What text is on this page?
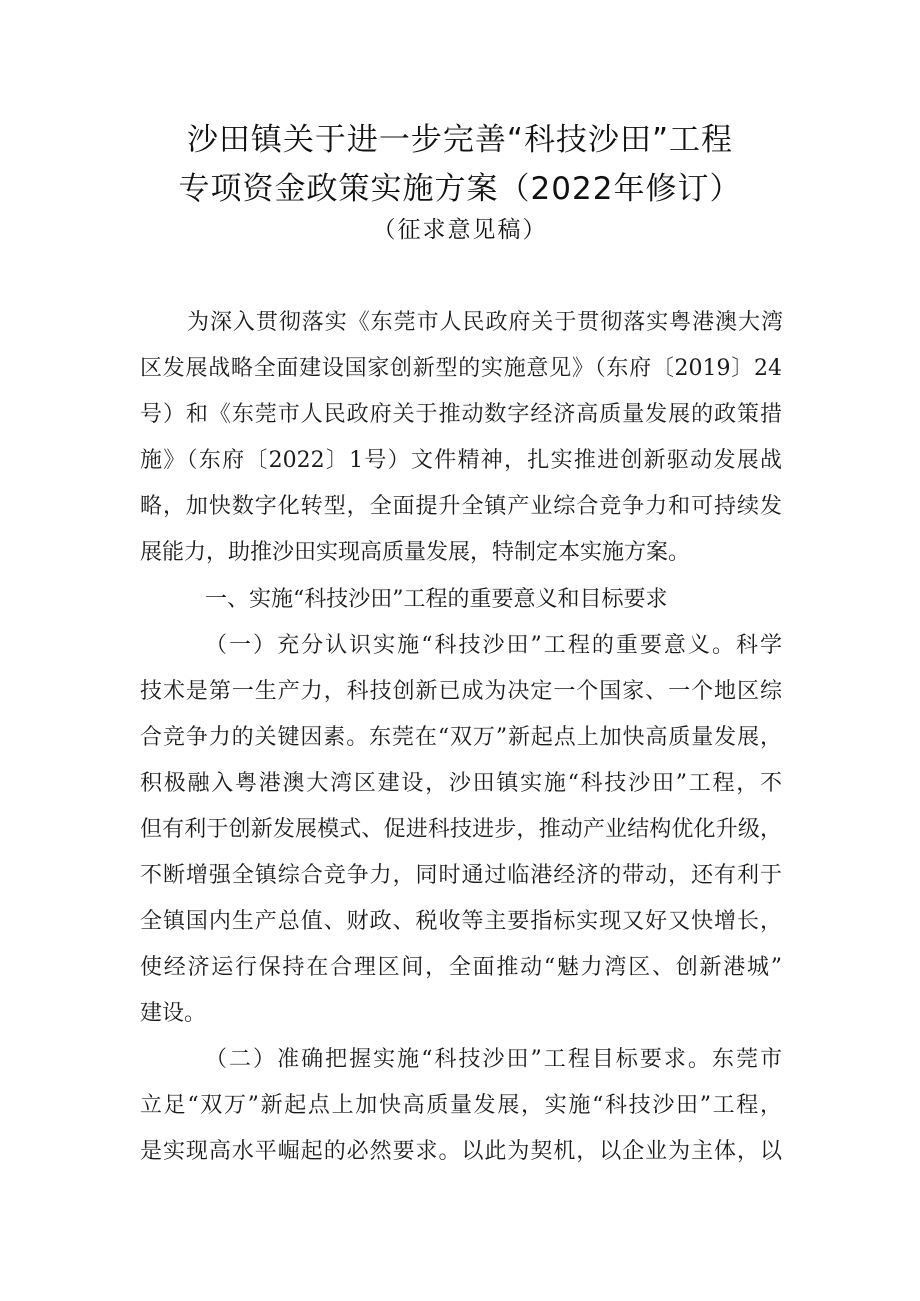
沙田镇关于进一步完善“科技沙田”工程
专项资金政策实施方案（2022年修订）
（征求意见稿）
为深入贯彻落实《东莞市人民政府关于贯彻落实粤港澳大湾
区发展战略全面建设国家创新型的实施意见》（东府〔2019〕24
号）和《东莞市人民政府关于推动数字经济高质量发展的政策措
施》（东府〔2022〕1号）文件精神，扎实推进创新驱动发展战
略，加快数字化转型，全面提升全镇产业综合竞争力和可持续发
展能力，助推沙田实现高质量发展，特制定本实施方案。
一、实施“科技沙田”工程的重要意义和目标要求
（一）充分认识实施“科技沙田”工程的重要意义。科学
技术是第一生产力，科技创新已成为决定一个国家、一个地区综
合竞争力的关键因素。东莞在“双万”新起点上加快高质量发展，
积极融入粤港澳大湾区建设，沙田镇实施“科技沙田”工程，不
但有利于创新发展模式、促进科技进步，推动产业结构优化升级，
不断增强全镇综合竞争力，同时通过临港经济的带动，还有利于
全镇国内生产总值、财政、税收等主要指标实现又好又快增长，
使经济运行保持在合理区间，全面推动“魅力湾区、创新港城”
建设。
（二）准确把握实施“科技沙田”工程目标要求。东莞市
立足“双万”新起点上加快高质量发展，实施“科技沙田”工程，
是实现高水平崛起的必然要求。以此为契机，以企业为主体，以
